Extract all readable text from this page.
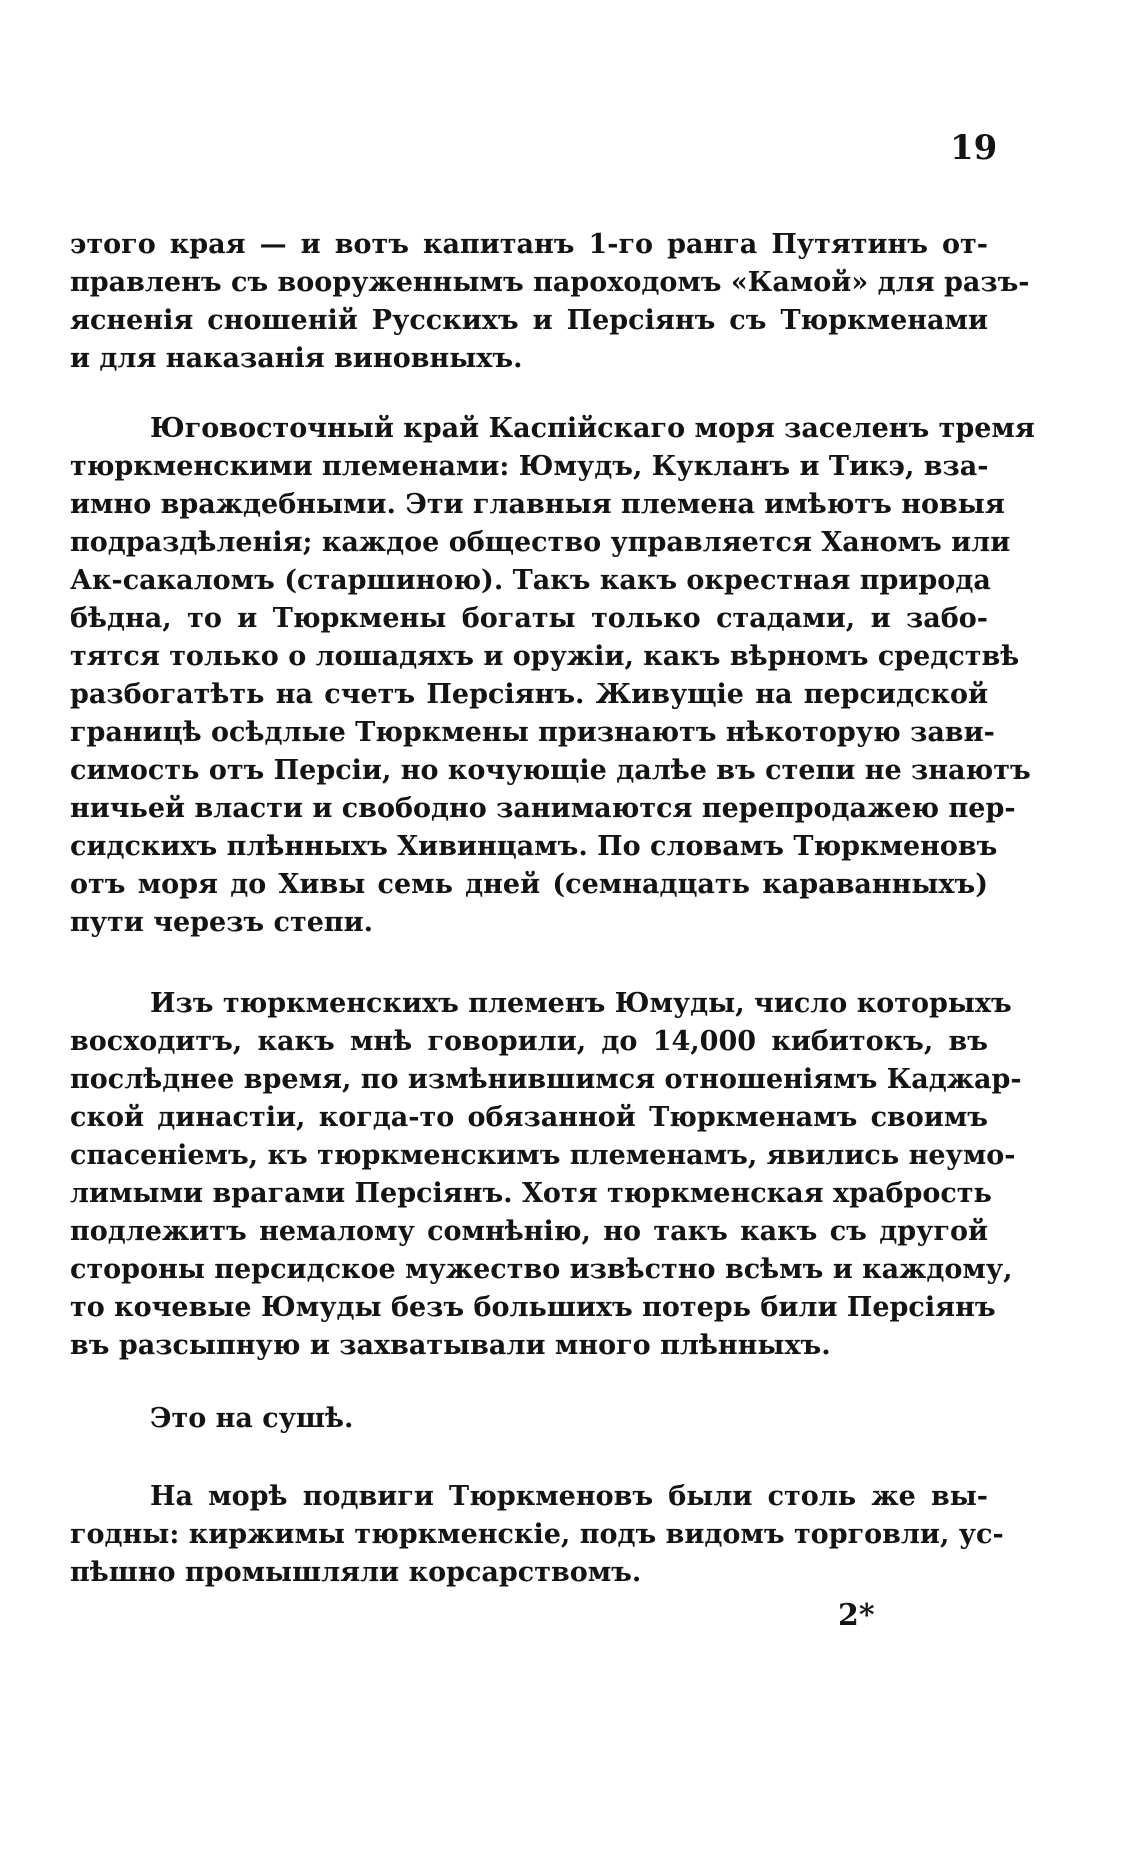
19
этого края — и вотъ капитанъ 1-го ранга Путятинъ от-
правленъ съ вооруженнымъ пароходомъ «Камой» для разъ-
ясненія сношеній Русскихъ и Персіянъ съ Тюркменами
и для наказанія виновныхъ.
Юговосточный край Каспійскаго моря заселенъ тремя
тюркменскими племенами: Юмудъ, Кукланъ и Тикэ, вза-
имно враждебными. Эти главныя племена имѣютъ новыя
подраздѣленія; каждое общество управляется Ханомъ или
Ак-сакаломъ (старшиною). Такъ какъ окрестная природа
бѣдна, то и Тюркмены богаты только стадами, и забо-
тятся только о лошадяхъ и оружіи, какъ вѣрномъ средствѣ
разбогатѣть на счетъ Персіянъ. Живущіе на персидской
границѣ осѣдлые Тюркмены признаютъ нѣкоторую зави-
симость отъ Персіи, но кочующіе далѣе въ степи не знаютъ
ничьей власти и свободно занимаются перепродажею пер-
сидскихъ плѣнныхъ Хивинцамъ. По словамъ Тюркменовъ
отъ моря до Хивы семь дней (семнадцать караванныхъ)
пути черезъ степи.
Изъ тюркменскихъ племенъ Юмуды, число которыхъ
восходитъ, какъ мнѣ говорили, до 14,000 кибитокъ, въ
послѣднее время, по измѣнившимся отношеніямъ Каджар-
ской династіи, когда-то обязанной Тюркменамъ своимъ
спасеніемъ, къ тюркменскимъ племенамъ, явились неумо-
лимыми врагами Персіянъ. Хотя тюркменская храбрость
подлежитъ немалому сомнѣнію, но такъ какъ съ другой
стороны персидское мужество извѣстно всѣмъ и каждому,
то кочевые Юмуды безъ большихъ потерь били Персіянъ
въ разсыпную и захватывали много плѣнныхъ.
Это на сушѣ.
На морѣ подвиги Тюркменовъ были столь же вы-
годны: киржимы тюркменскіе, подъ видомъ торговли, ус-
пѣшно промышляли корсарствомъ.
2*
